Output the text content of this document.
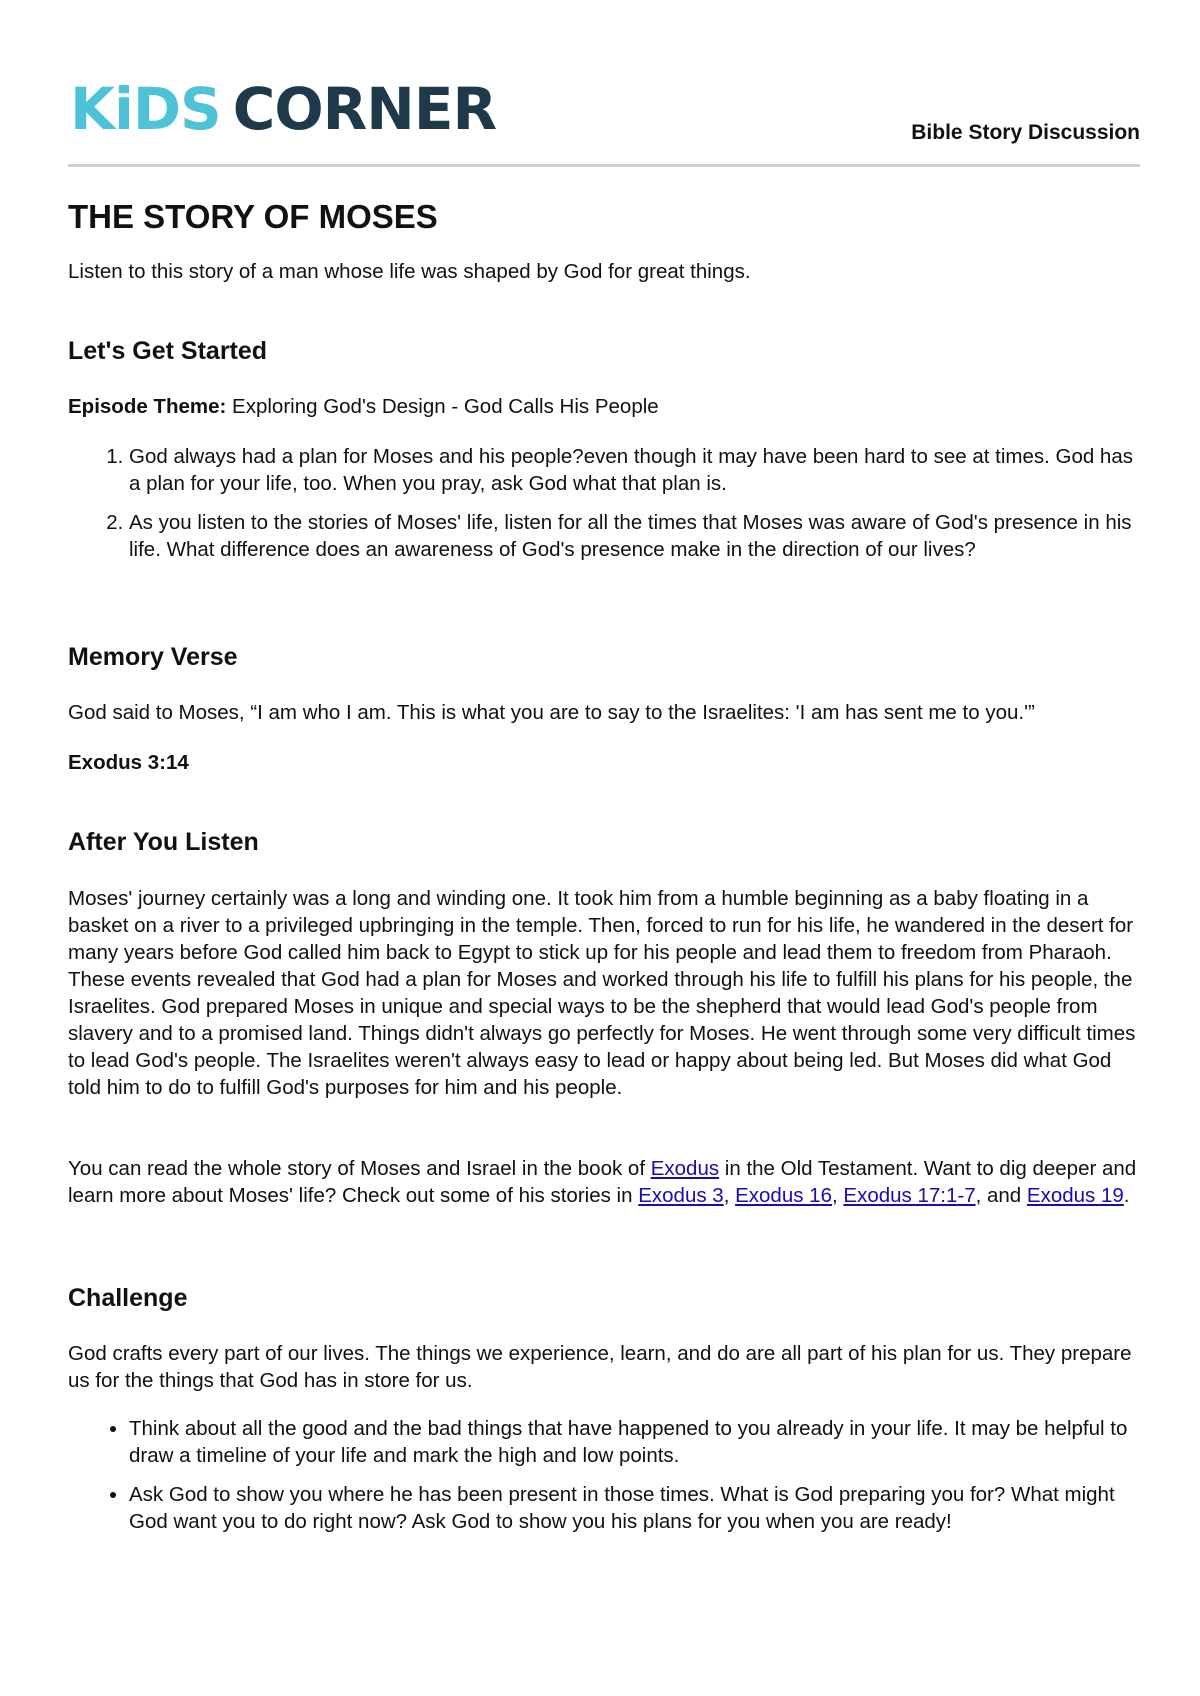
KiDS CORNER	Bible Story Discussion
THE STORY OF MOSES

Listen to this story of a man whose life was shaped by God for great things.

Let's Get Started

Episode Theme: Exploring God's Design - God Calls His People

1. God always had a plan for Moses and his people?even though it may have been hard to see at times. God has a plan for your life, too. When you pray, ask God what that plan is.
2. As you listen to the stories of Moses' life, listen for all the times that Moses was aware of God's presence in his life. What difference does an awareness of God's presence make in the direction of our lives?
Memory Verse

God said to Moses, “I am who I am. This is what you are to say to the Israelites: 'I am has sent me to you.'”

Exodus 3:14

After You Listen

Moses' journey certainly was a long and winding one. It took him from a humble beginning as a baby floating in a basket on a river to a privileged upbringing in the temple. Then, forced to run for his life, he wandered in the desert for many years before God called him back to Egypt to stick up for his people and lead them to freedom from Pharaoh. These events revealed that God had a plan for Moses and worked through his life to fulfill his plans for his people, the Israelites. God prepared Moses in unique and special ways to be the shepherd that would lead God's people from slavery and to a promised land. Things didn't always go perfectly for Moses. He went through some very difficult times to lead God's people. The Israelites weren't always easy to lead or happy about being led. But Moses did what God told him to do to fulfill God's purposes for him and his people.

You can read the whole story of Moses and Israel in the book of Exodus in the Old Testament. Want to dig deeper and learn more about Moses' life? Check out some of his stories in Exodus 3, Exodus 16, Exodus 17:1-7, and Exodus 19.

Challenge

God crafts every part of our lives. The things we experience, learn, and do are all part of his plan for us. They prepare us for the things that God has in store for us.

• Think about all the good and the bad things that have happened to you already in your life. It may be helpful to draw a timeline of your life and mark the high and low points.
• Ask God to show you where he has been present in those times. What is God preparing you for? What might God want you to do right now? Ask God to show you his plans for you when you are ready!
